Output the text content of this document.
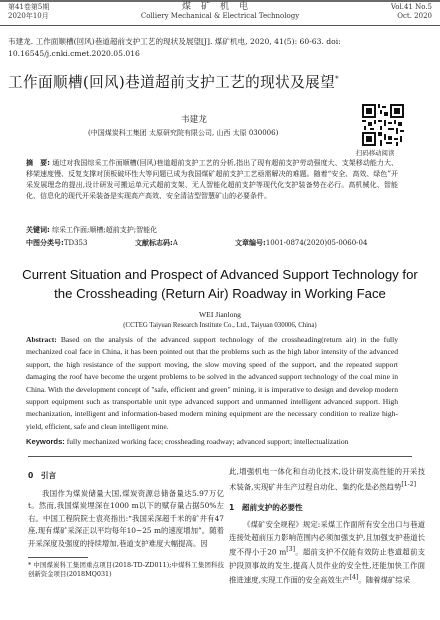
第41卷第5期
2020年10月
煤矿机电
Colliery Mechanical & Electrical Technology
Vol.41 No.5
Oct. 2020
韦建龙. 工作面顺槽(回风)巷道超前支护工艺的现状及展望[J]. 煤矿机电, 2020, 41(5): 60-63. doi: 10.16545/j.cnki.cmet.2020.05.016
工作面顺槽(回风)巷道超前支护工艺的现状及展望*
韦建龙
(中国煤炭科工集团 太原研究院有限公司, 山西 太原 030006)
扫码移动阅读
摘　要: 通过对我国综采工作面顺槽(回风)巷道超前支护工艺的分析,指出了现有超前支护劳动强度大、支架移动能力大、移架速度慢、反复支撑对顶板破坏性大等问题已成为我国煤矿超前支护工艺亟需解决的难题。随着“安全、高效、绿色”开采发展理念的提出,设计研发可搬运单元式超前支架、无人智能化超前支护等现代化支护装备势在必行。高机械化、智能化、信息化的现代开采装备是实现高产高效、安全清洁型智慧矿山的必要条件。
关键词: 综采工作面;顺槽;超前支护;智能化
中图分类号:TD353	文献标志码:A	文章编号:1001-0874(2020)05-0060-04
Current Situation and Prospect of Advanced Support Technology for the Crossheading (Return Air) Roadway in Working Face
WEI Jianlong
(CCTEG Taiyuan Research Institute Co., Ltd., Taiyuan 030006, China)
Abstract: Based on the analysis of the advanced support technology of the crossheading(return air) in the fully mechanized coal face in China, it has been pointed out that the problems such as the high labor intensity of the advanced support, the high resistance of the support moving, the slow moving speed of the support, and the repeated support damaging the roof have become the urgent problems to be solved in the advanced support technology of the coal mine in China. With the development concept of "safe, efficient and green" mining, it is imperative to design and develop modern support equipment such as transportable unit type advanced support and unmanned intelligent advanced support. High mechanization, intelligent and information-based modern mining equipment are the necessary condition to realize high-yield, efficient, safe and clean intelligent mine.
Keywords: fully mechanized working face; crossheading roadway; advanced support; intellectualization
0　引言

我国作为煤炭储量大国,煤炭资源总储备量达5.97万亿t。然而,我国煤炭埋深在1000 m以下的赋存量占据50%左右。中国工程院院士袁亮指出:“我国采深超千米的矿井有47座,现有煤矿采深正以平均每年10~25 m的速度增加”。随着开采深度及强度的持续增加,巷道支护难度大幅提高。因

* 中国煤炭科工集团重点项目(2018-TD-ZD011);中煤科工集团科技创新资金项目(2018MQ031)

此,增强机电一体化和自动化技术,设计研发高性能的开采技术装备,实现矿井生产过程自动化、集约化是必然趋势[1-2]

1　超前支护的必要性

《煤矿安全规程》规定:采煤工作面所有安全出口与巷道连接处超前压力影响范围内必须加强支护,且加强支护巷道长度不得小于20 m[3]。超前支护不仅能有效防止巷道超前支护段顶事故的发生,提高人员作业的安全性,还能加快工作面推进速度,实现工作面的安全高效生产[4]。随着煤矿综采
